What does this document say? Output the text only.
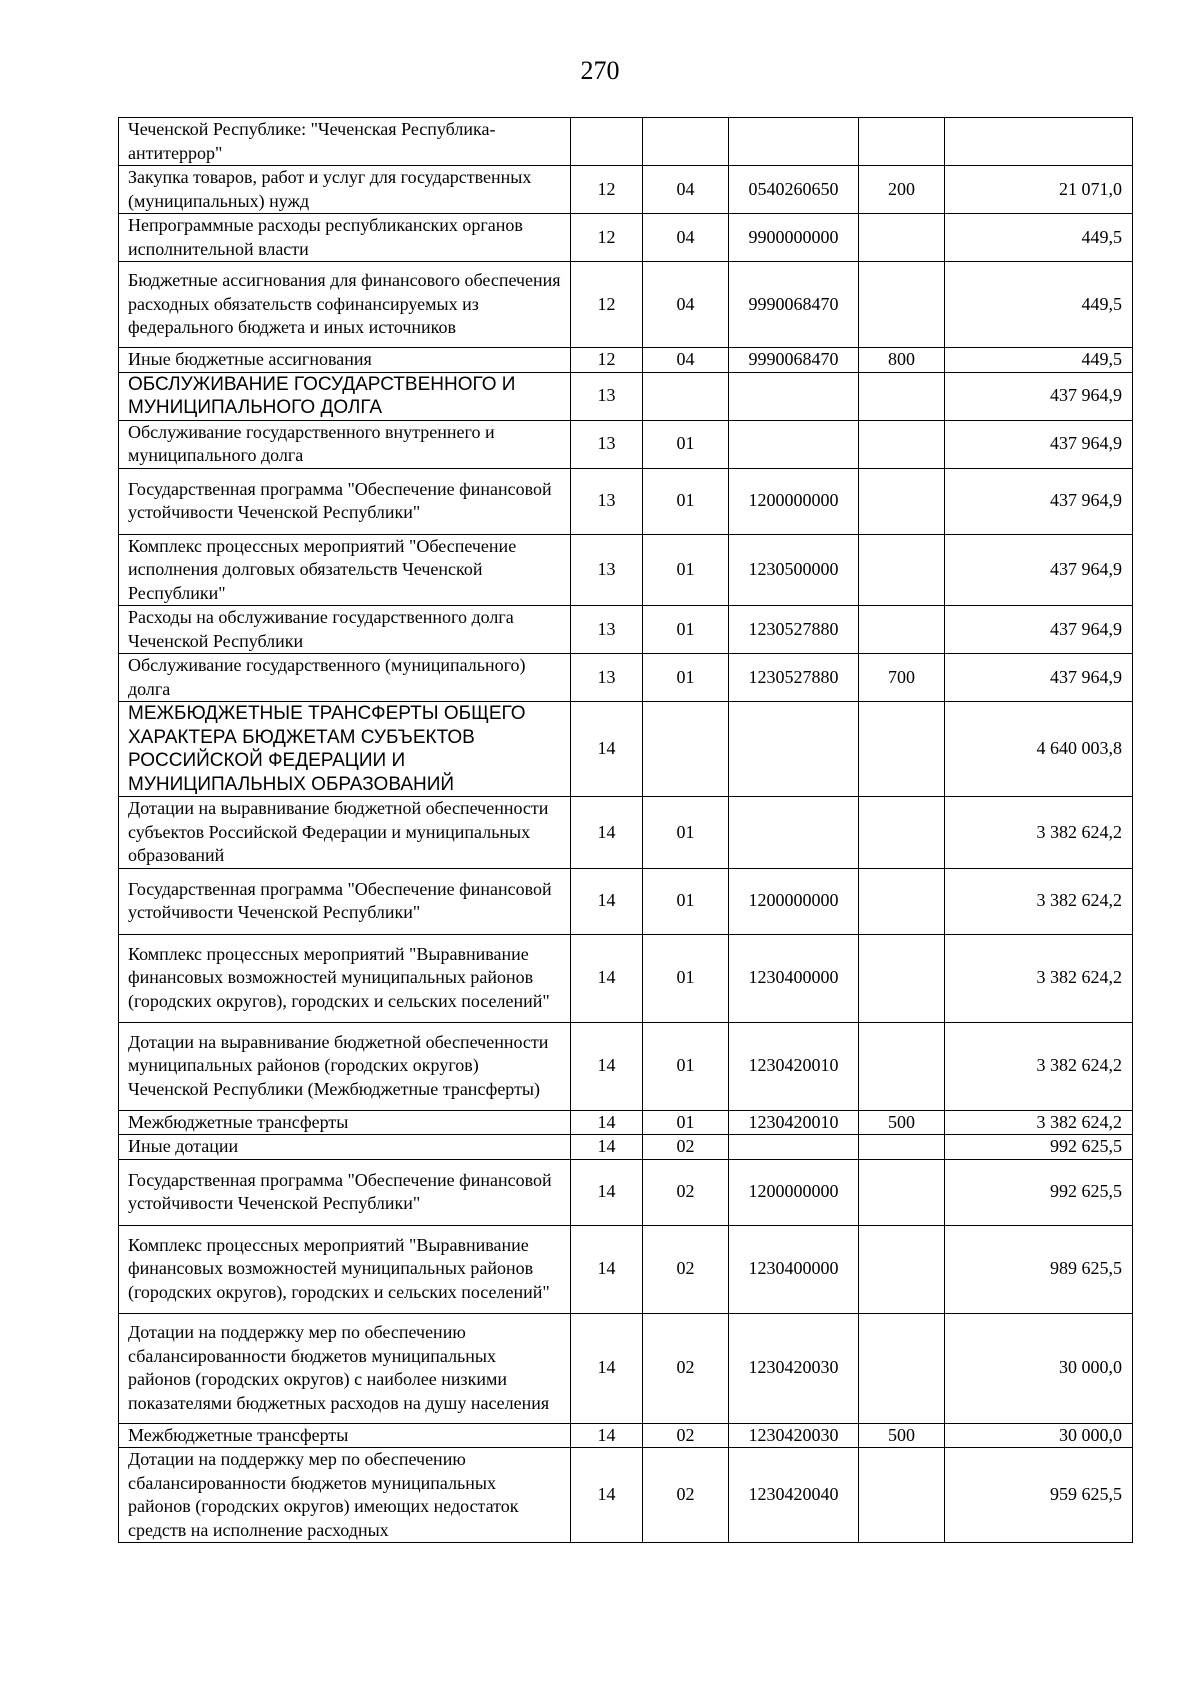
270
Чеченской Республике: "Чеченская Республика-антитеррор"					
Закупка товаров, работ и услуг для государственных (муниципальных) нужд	12	04	0540260650	200	21 071,0
Непрограммные расходы республиканских органов исполнительной власти	12	04	9900000000		449,5
Бюджетные ассигнования для финансового обеспечения расходных обязательств софинансируемых из федерального бюджета и иных источников	12	04	9990068470		449,5
Иные бюджетные ассигнования	12	04	9990068470	800	449,5
ОБСЛУЖИВАНИЕ ГОСУДАРСТВЕННОГО И МУНИЦИПАЛЬНОГО ДОЛГА	13				437 964,9
Обслуживание государственного внутреннего и муниципального долга	13	01			437 964,9
Государственная программа "Обеспечение финансовой устойчивости Чеченской Республики"	13	01	1200000000		437 964,9
Комплекс процессных мероприятий "Обеспечение исполнения долговых обязательств Чеченской Республики"	13	01	1230500000		437 964,9
Расходы на обслуживание государственного долга Чеченской Республики	13	01	1230527880		437 964,9
Обслуживание государственного (муниципального) долга	13	01	1230527880	700	437 964,9
МЕЖБЮДЖЕТНЫЕ ТРАНСФЕРТЫ ОБЩЕГО ХАРАКТЕРА БЮДЖЕТАМ СУБЪЕКТОВ РОССИЙСКОЙ ФЕДЕРАЦИИ И МУНИЦИПАЛЬНЫХ ОБРАЗОВАНИЙ	14				4 640 003,8
Дотации на выравнивание бюджетной обеспеченности субъектов Российской Федерации и муниципальных образований	14	01			3 382 624,2
Государственная программа "Обеспечение финансовой устойчивости Чеченской Республики"	14	01	1200000000		3 382 624,2
Комплекс процессных мероприятий "Выравнивание финансовых возможностей муниципальных районов (городских округов), городских и сельских поселений"	14	01	1230400000		3 382 624,2
Дотации на выравнивание бюджетной обеспеченности муниципальных районов (городских округов) Чеченской Республики (Межбюджетные трансферты)	14	01	1230420010		3 382 624,2
Межбюджетные трансферты	14	01	1230420010	500	3 382 624,2
Иные дотации	14	02			992 625,5
Государственная программа "Обеспечение финансовой устойчивости Чеченской Республики"	14	02	1200000000		992 625,5
Комплекс процессных мероприятий "Выравнивание финансовых возможностей муниципальных районов (городских округов), городских и сельских поселений"	14	02	1230400000		989 625,5
Дотации на поддержку мер по обеспечению сбалансированности бюджетов муниципальных районов (городских округов) с наиболее низкими показателями бюджетных расходов на душу населения	14	02	1230420030		30 000,0
Межбюджетные трансферты	14	02	1230420030	500	30 000,0
Дотации на поддержку мер по обеспечению сбалансированности бюджетов муниципальных районов (городских округов) имеющих недостаток средств на исполнение расходных	14	02	1230420040		959 625,5
